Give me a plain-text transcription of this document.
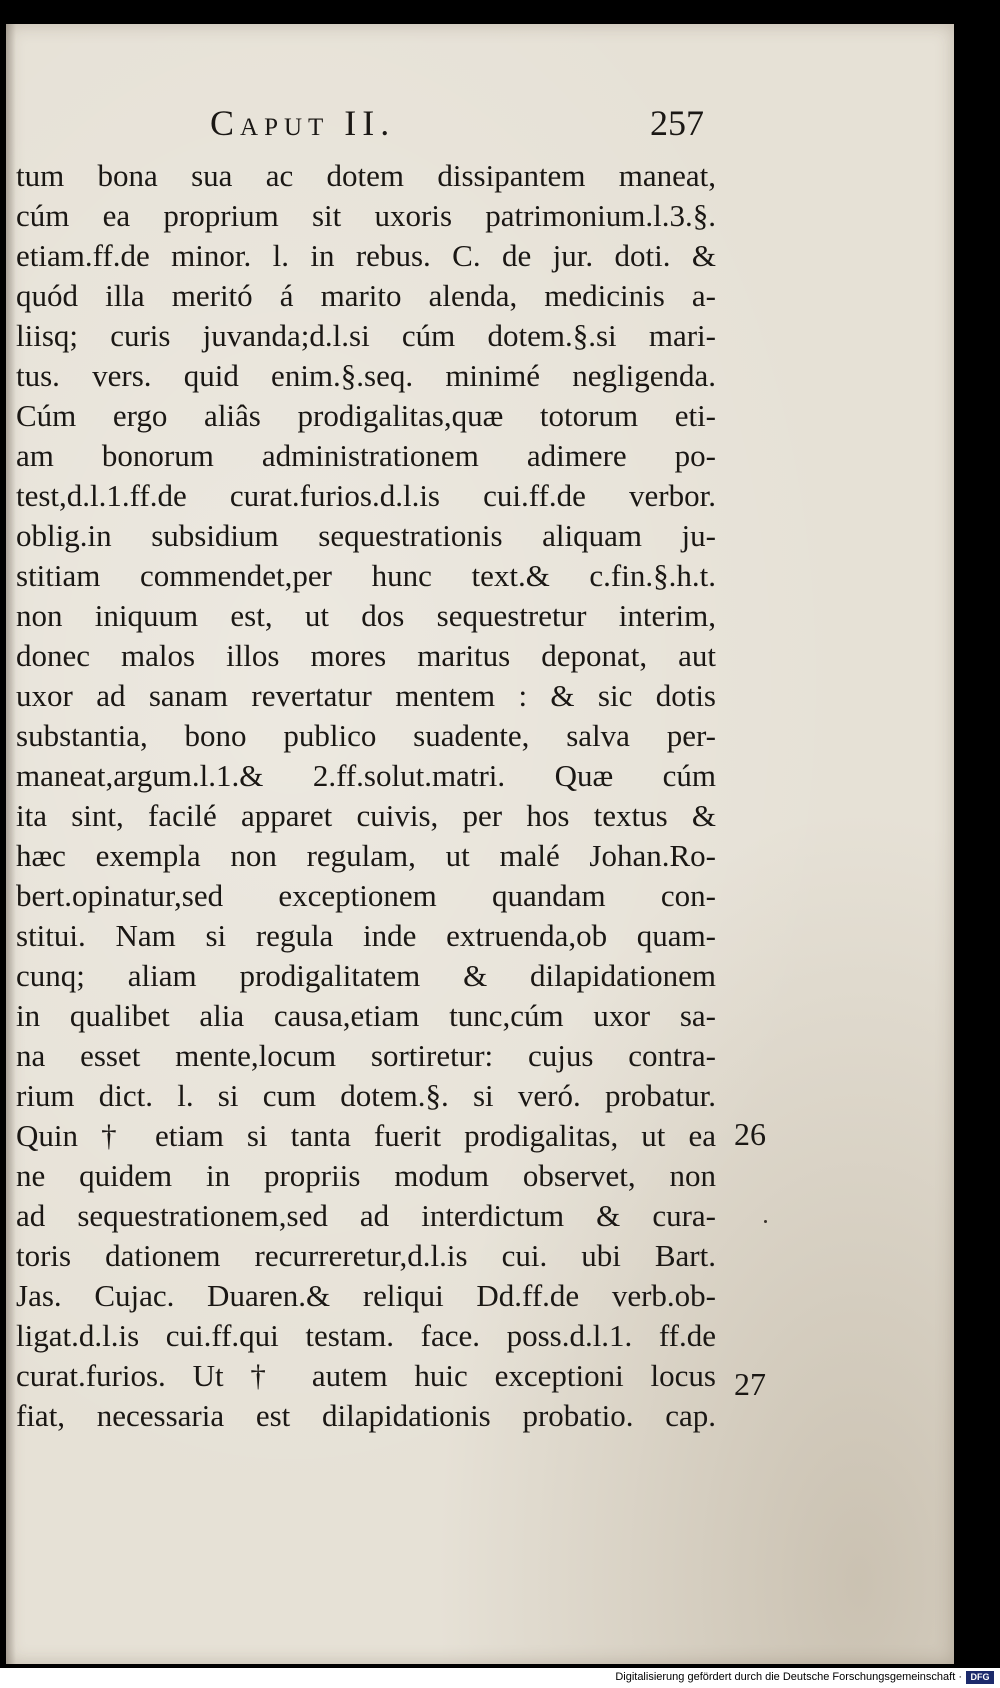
Caput II.	257
tum bona sua ac dotem dissipantem maneat,
cúm ea proprium sit uxoris patrimonium.l.3.§.
etiam.ff.de minor. l. in rebus. C. de jur. doti. &
quód illa meritó á marito alenda, medicinis a-
liisq; curis juvanda;d.l.si cúm dotem.§.si mari-
tus. vers. quid enim.§.seq. minimé negligenda.
Cúm ergo aliâs prodigalitas,quæ totorum eti-
am bonorum administrationem adimere po-
test,d.l.1.ff.de curat.furios.d.l.is cui.ff.de verbor.
oblig.in subsidium sequestrationis aliquam ju-
stitiam commendet,per hunc text.& c.fin.§.h.t.
non iniquum est, ut dos sequestretur interim,
donec malos illos mores maritus deponat, aut
uxor ad sanam revertatur mentem : & sic dotis
substantia, bono publico suadente, salva per-
maneat,argum.l.1.& 2.ff.solut.matri. Quæ cúm
ita sint, facilé apparet cuivis, per hos textus &
hæc exempla non regulam, ut malé Johan.Ro-
bert.opinatur,sed exceptionem quandam con-
stitui. Nam si regula inde extruenda,ob quam-
cunq; aliam prodigalitatem & dilapidationem
in qualibet alia causa,etiam tunc,cúm uxor sa-
na esset mente,locum sortiretur: cujus contra-
rium dict. l. si cum dotem.§. si veró. probatur.
Quin † etiam si tanta fuerit prodigalitas, ut ea
ne quidem in propriis modum observet, non
ad sequestrationem,sed ad interdictum & cura-
toris dationem recurreretur,d.l.is cui. ubi Bart.
Jas. Cujac. Duaren.& reliqui Dd.ff.de verb.ob-
ligat.d.l.is cui.ff.qui testam. face. poss.d.l.1. ff.de
curat.furios. Ut † autem huic exceptioni locus
fiat, necessaria est dilapidationis probatio. cap.
26
27
Digitalisierung gefördert durch die Deutsche Forschungsgemeinschaft · DFG
